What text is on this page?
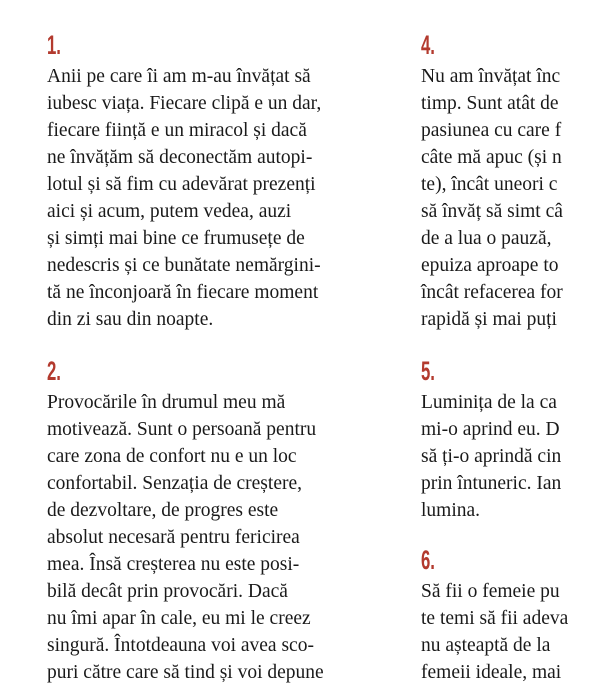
1.
Anii pe care îi am m-au învățat să
iubesc viața. Fiecare clipă e un dar,
fiecare ființă e un miracol și dacă
ne învățăm să deconectăm autopi-
lotul și să fim cu adevărat prezenți
aici și acum, putem vedea, auzi
și simți mai bine ce frumusețe de
nedescris și ce bunătate nemărgini-
tă ne înconjoară în fiecare moment
din zi sau din noapte.
2.
Provocările în drumul meu mă
motivează. Sunt o persoană pentru
care zona de confort nu e un loc
confortabil. Senzația de creștere,
de dezvoltare, de progres este
absolut necesară pentru fericirea
mea. Însă creșterea nu este posi-
bilă decât prin provocări. Dacă
nu îmi apar în cale, eu mi le creez
singură. Întotdeauna voi avea sco-
puri către care să tind și voi depune
4.
Nu am învățat înc
timp. Sunt atât de
pasiunea cu care f
câte mă apuc (și n
te), încât uneori c
să învăț să simt câ
de a lua o pauză,
epuiza aproape to
încât refacerea for
rapidă și mai puți
5.
Luminița de la ca
mi-o aprind eu. D
să ți-o aprindă cin
prin întuneric. Ian
lumina.
6.
Să fii o femeie pu
te temi să fii adeva
nu așteaptă de la
femeii ideale, mai
